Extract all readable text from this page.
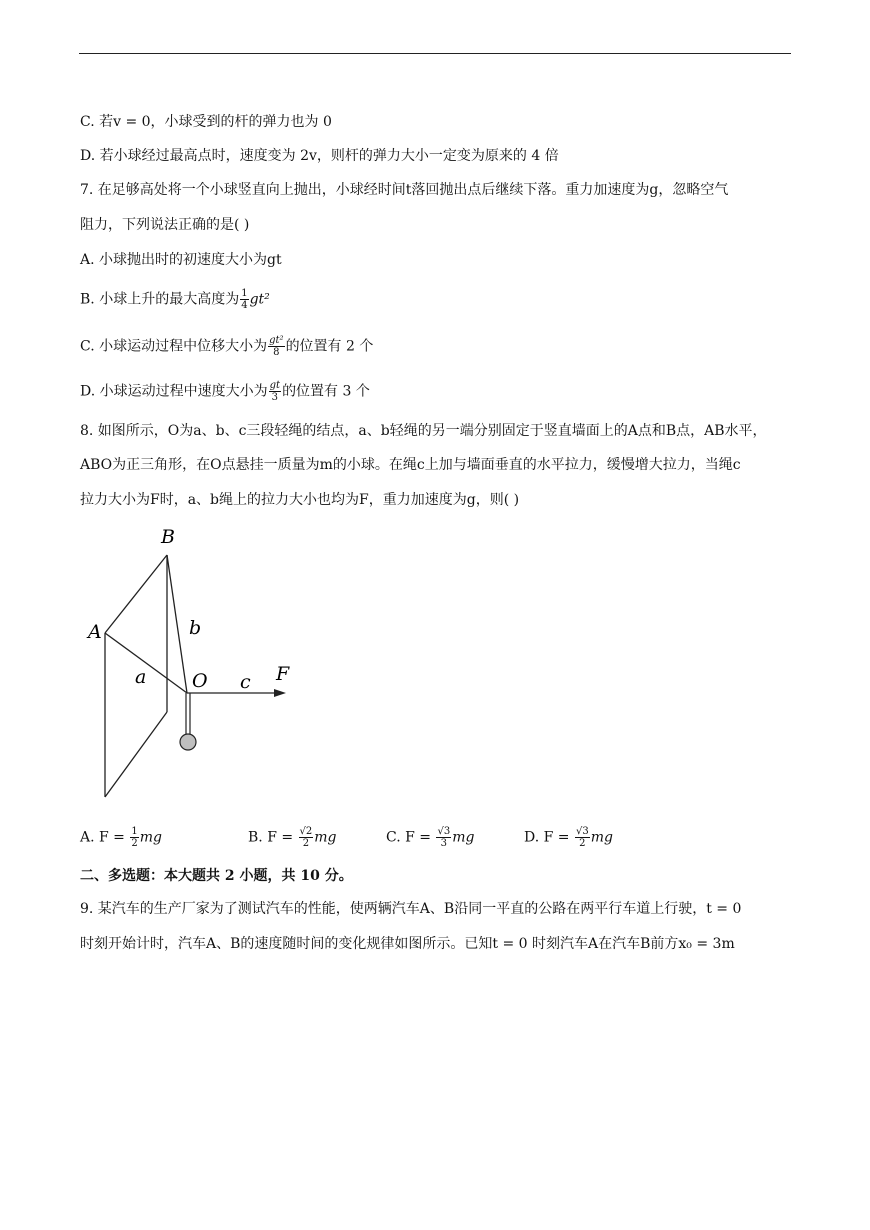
C. 若v = 0，小球受到的杆的弹力也为 0
D. 若小球经过最高点时，速度变为 2v，则杆的弹力大小一定变为原来的 4 倍
7. 在足够高处将一个小球竖直向上抛出，小球经时间t落回抛出点后继续下落。重力加速度为g，忽略空气
阻力，下列说法正确的是( )
A. 小球抛出时的初速度大小为gt
B. 小球上升的最大高度为 $\frac{1}{4} gt^2$
C. 小球运动过程中位移大小为 $\frac{\text{gt²}}{8}$ 的位置有 2 个
D. 小球运动过程中速度大小为 $\frac{gt}{3}$ 的位置有 3 个
8. 如图所示，O为a、b、c三段轻绳的结点，a、b轻绳的另一端分别固定于竖直墙面上的A点和B点，AB水平，
ABO为正三角形，在O点悬挂一质量为m的小球。在绳c上加与墙面垂直的水平拉力，缓慢增大拉力，当绳c
拉力大小为F时，a、b绳上的拉力大小也均为F，重力加速度为g，则( )
B
A	b
a O c F
A. $F = \frac{1}{2}$ mg	B. $F = \frac{√2}{2}$ mg	C. $F = \frac{√3}{3}$ mg	D. $F = \frac{√3}{2}$ mg
二、多选题：本大题共 2 小题，共 10 分。
9. 某汽车的生产厂家为了测试汽车的性能，使两辆汽车A、B沿同一平直的公路在两平行车道上行驶，t = 0
时刻开始计时，汽车A、B的速度随时间的变化规律如图所示。已知t = 0 时刻汽车A在汽车B前方x₀ = 3m
